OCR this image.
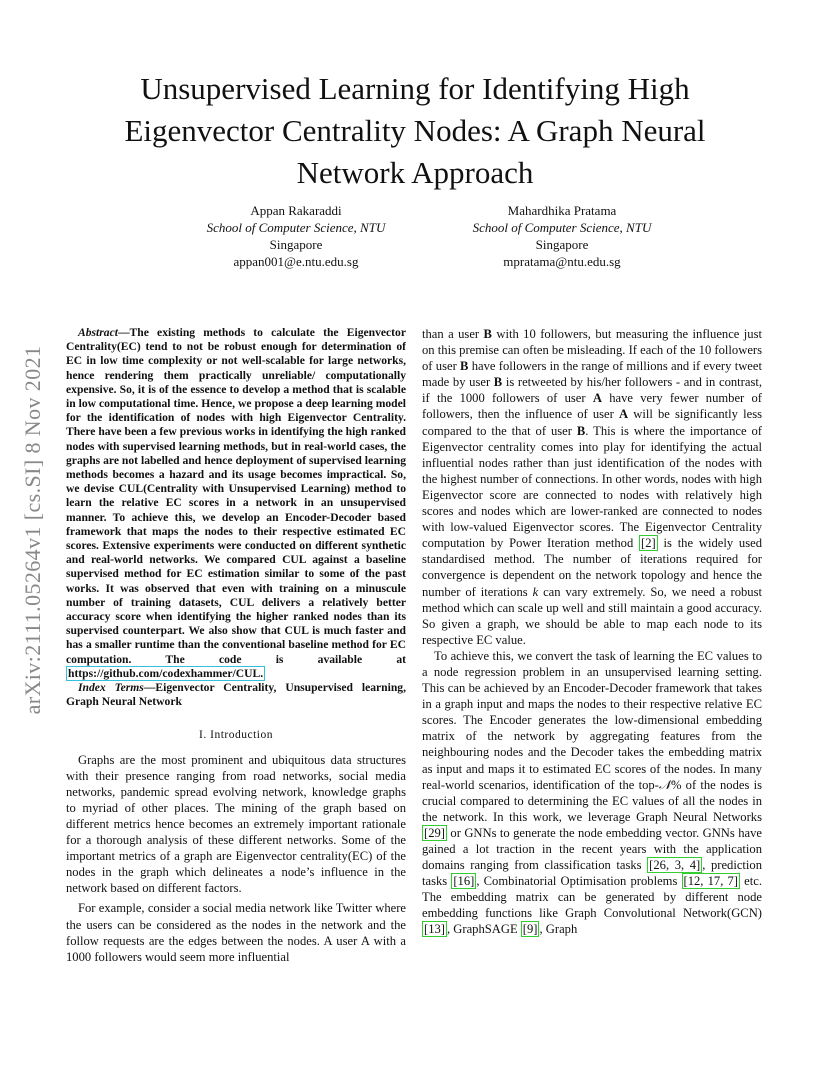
arXiv:2111.05264v1 [cs.SI] 8 Nov 2021
Unsupervised Learning for Identifying High Eigenvector Centrality Nodes: A Graph Neural Network Approach
Appan Rakaraddi
School of Computer Science, NTU
Singapore
appan001@e.ntu.edu.sg
Mahardhika Pratama
School of Computer Science, NTU
Singapore
mpratama@ntu.edu.sg

Abstract—The existing methods to calculate the Eigenvector Centrality(EC) tend to not be robust enough for determination of EC in low time complexity or not well-scalable for large networks, hence rendering them practically unreliable/ computationally expensive. So, it is of the essence to develop a method that is scalable in low computational time. Hence, we propose a deep learning model for the identification of nodes with high Eigenvector Centrality. There have been a few previous works in identifying the high ranked nodes with supervised learning methods, but in real-world cases, the graphs are not labelled and hence deployment of supervised learning methods becomes a hazard and its usage becomes impractical. So, we devise CUL(Centrality with Unsupervised Learning) method to learn the relative EC scores in a network in an unsupervised manner. To achieve this, we develop an Encoder-Decoder based framework that maps the nodes to their respective estimated EC scores. Extensive experiments were conducted on different synthetic and real-world networks. We compared CUL against a baseline supervised method for EC estimation similar to some of the past works. It was observed that even with training on a minuscule number of training datasets, CUL delivers a relatively better accuracy score when identifying the higher ranked nodes than its supervised counterpart. We also show that CUL is much faster and has a smaller runtime than the conventional baseline method for EC computation. The code is available at https://github.com/codexhammer/CUL.

Index Terms—Eigenvector Centrality, Unsupervised learning, Graph Neural Network

I. Introduction

Graphs are the most prominent and ubiquitous data structures with their presence ranging from road networks, social media networks, pandemic spread evolving network, knowledge graphs to myriad of other places. The mining of the graph based on different metrics hence becomes an extremely important rationale for a thorough analysis of these different networks. Some of the important metrics of a graph are Eigenvector centrality(EC) of the nodes in the graph which delineates a node’s influence in the network based on different factors.

For example, consider a social media network like Twitter where the users can be considered as the nodes in the network and the follow requests are the edges between the nodes. A user A with a 1000 followers would seem more influential

than a user B with 10 followers, but measuring the influence just on this premise can often be misleading. If each of the 10 followers of user B have followers in the range of millions and if every tweet made by user B is retweeted by his/her followers - and in contrast, if the 1000 followers of user A have very fewer number of followers, then the influence of user A will be significantly less compared to the that of user B. This is where the importance of Eigenvector centrality comes into play for identifying the actual influential nodes rather than just identification of the nodes with the highest number of connections. In other words, nodes with high Eigenvector score are connected to nodes with relatively high scores and nodes which are lower-ranked are connected to nodes with low-valued Eigenvector scores. The Eigenvector Centrality computation by Power Iteration method [2] is the widely used standardised method. The number of iterations required for convergence is dependent on the network topology and hence the number of iterations k can vary extremely. So, we need a robust method which can scale up well and still maintain a good accuracy. So given a graph, we should be able to map each node to its respective EC value.

To achieve this, we convert the task of learning the EC values to a node regression problem in an unsupervised learning setting. This can be achieved by an Encoder-Decoder framework that takes in a graph input and maps the nodes to their respective relative EC scores. The Encoder generates the low-dimensional embedding matrix of the network by aggregating features from the neighbouring nodes and the Decoder takes the embedding matrix as input and maps it to estimated EC scores of the nodes. In many real-world scenarios, identification of the top-𝒩% of the nodes is crucial compared to determining the EC values of all the nodes in the network. In this work, we leverage Graph Neural Networks [29] or GNNs to generate the node embedding vector. GNNs have gained a lot traction in the recent years with the application domains ranging from classification tasks [26, 3, 4] , prediction tasks [16] , Combinatorial Optimisation problems [12, 17, 7] etc. The embedding matrix can be generated by different node embedding functions like Graph Convolutional Network(GCN) [13] , GraphSAGE [9] , Graph
